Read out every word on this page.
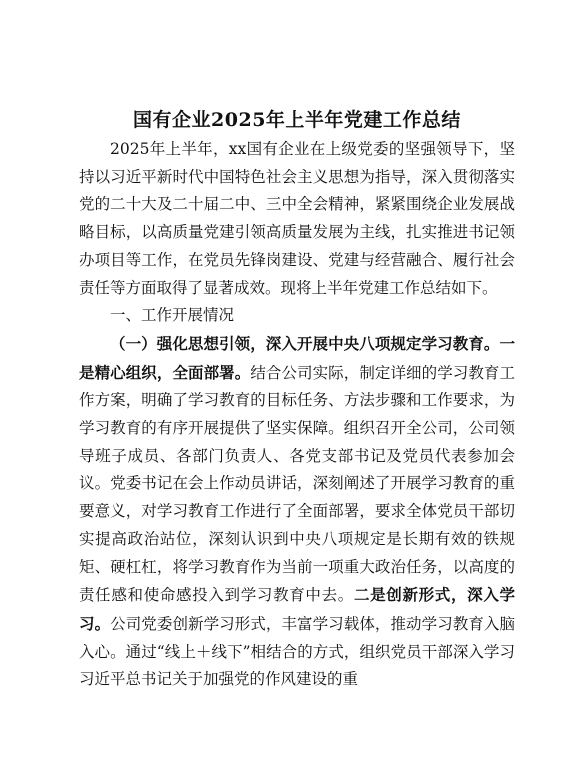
国有企业2025年上半年党建工作总结

2025年上半年，xx国有企业在上级党委的坚强领导下，坚持以习近平新时代中国特色社会主义思想为指导，深入贯彻落实党的二十大及二十届二中、三中全会精神，紧紧围绕企业发展战略目标，以高质量党建引领高质量发展为主线，扎实推进书记领办项目等工作，在党员先锋岗建设、党建与经营融合、履行社会责任等方面取得了显著成效。现将上半年党建工作总结如下。

一、工作开展情况

（一）强化思想引领，深入开展中央八项规定学习教育。一是精心组织，全面部署。结合公司实际，制定详细的学习教育工作方案，明确了学习教育的目标任务、方法步骤和工作要求，为学习教育的有序开展提供了坚实保障。组织召开全公司，公司领导班子成员、各部门负责人、各党支部书记及党员代表参加会议。党委书记在会上作动员讲话，深刻阐述了开展学习教育的重要意义，对学习教育工作进行了全面部署，要求全体党员干部切实提高政治站位，深刻认识到中央八项规定是长期有效的铁规矩、硬杠杠，将学习教育作为当前一项重大政治任务，以高度的责任感和使命感投入到学习教育中去。二是创新形式，深入学习。公司党委创新学习形式，丰富学习载体，推动学习教育入脑入心。通过“线上＋线下”相结合的方式，组织党员干部深入学习习近平总书记关于加强党的作风建设的重
